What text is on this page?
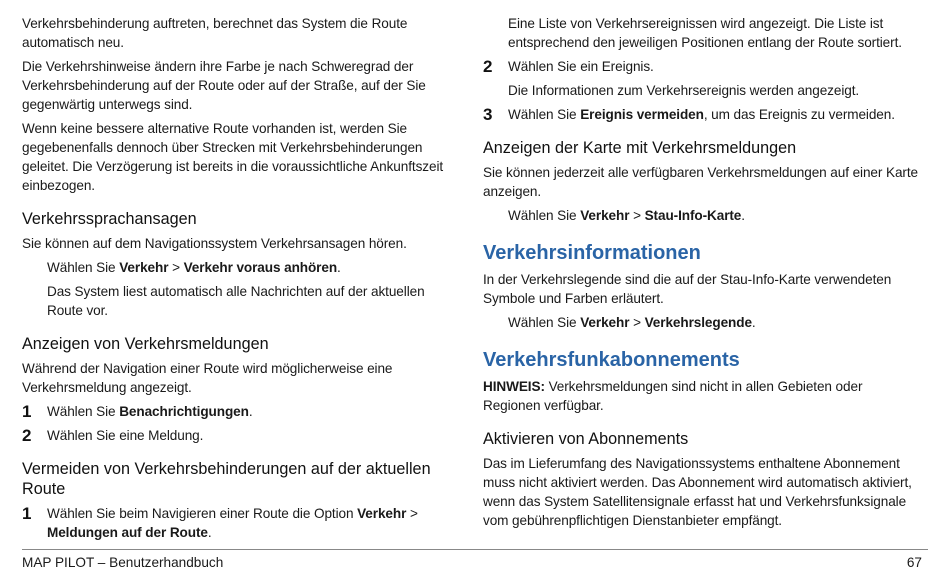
Verkehrsbehinderung auftreten, berechnet das System die Route automatisch neu.

Die Verkehrshinweise ändern ihre Farbe je nach Schweregrad der Verkehrsbehinderung auf der Route oder auf der Straße, auf der Sie gegenwärtig unterwegs sind.

Wenn keine bessere alternative Route vorhanden ist, werden Sie gegebenenfalls dennoch über Strecken mit Verkehrsbehinderungen geleitet. Die Verzögerung ist bereits in die voraussichtliche Ankunftszeit einbezogen.

Verkehrssprachansagen

Sie können auf dem Navigationssystem Verkehrsansagen hören.

Wählen Sie Verkehr > Verkehr voraus anhören.

Das System liest automatisch alle Nachrichten auf der aktuellen Route vor.

Anzeigen von Verkehrsmeldungen

Während der Navigation einer Route wird möglicherweise eine Verkehrsmeldung angezeigt.

1	Wählen Sie Benachrichtigungen.
2	Wählen Sie eine Meldung.
Vermeiden von Verkehrsbehinderungen auf der aktuellen Route
1	Wählen Sie beim Navigieren einer Route die Option Verkehr > Meldungen auf der Route.

Eine Liste von Verkehrsereignissen wird angezeigt. Die Liste ist entsprechend den jeweiligen Positionen entlang der Route sortiert.

2	Wählen Sie ein Ereignis.

Die Informationen zum Verkehrsereignis werden angezeigt.

3	Wählen Sie Ereignis vermeiden, um das Ereignis zu vermeiden.
Anzeigen der Karte mit Verkehrsmeldungen

Sie können jederzeit alle verfügbaren Verkehrsmeldungen auf einer Karte anzeigen.

Wählen Sie Verkehr > Stau-Info-Karte.

Verkehrsinformationen

In der Verkehrslegende sind die auf der Stau-Info-Karte verwendeten Symbole und Farben erläutert.

Wählen Sie Verkehr > Verkehrslegende.

Verkehrsfunkabonnements

HINWEIS: Verkehrsmeldungen sind nicht in allen Gebieten oder Regionen verfügbar.

Aktivieren von Abonnements

Das im Lieferumfang des Navigationssystems enthaltene Abonnement muss nicht aktiviert werden. Das Abonnement wird automatisch aktiviert, wenn das System Satellitensignale erfasst hat und Verkehrsfunksignale vom gebührenpflichtigen Dienstanbieter empfängt.

MAP PILOT – Benutzerhandbuch	67
